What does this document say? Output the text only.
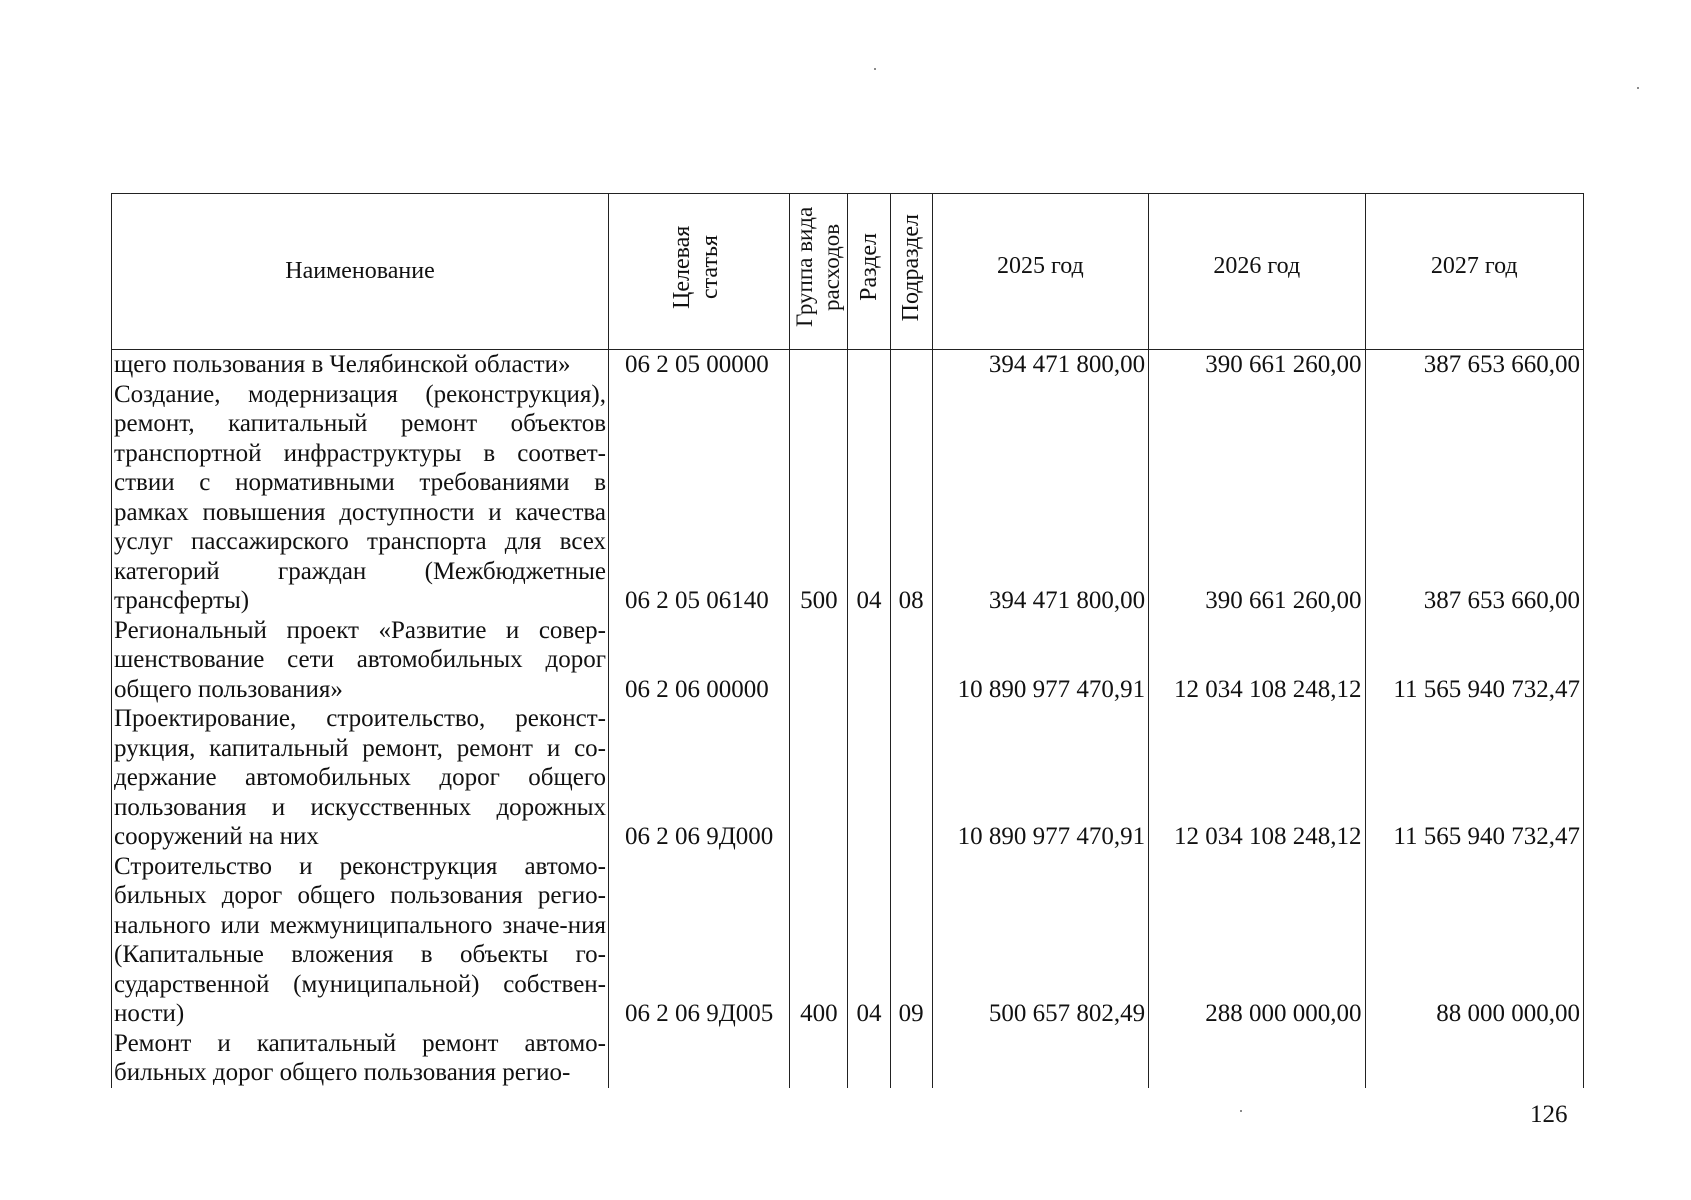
Наименование	Целевая статья	Группа вида расходов	Раздел	Подраздел	2025 год	2026 год	2027 год
щего пользования в Челябинской области»	06 2 05 00000				394 471 800,00	390 661 260,00	387 653 660,00
Создание, модернизация (реконструкция), ремонт, капитальный ремонт объектов транспортной инфраструктуры в соответ-ствии с нормативными требованиями в рамках повышения доступности и качества услуг пассажирского транспорта для всех категорий граждан (Межбюджетные трансферты)	06 2 05 06140	500	04	08	394 471 800,00	390 661 260,00	387 653 660,00
Региональный проект «Развитие и совер-шенствование сети автомобильных дорог общего пользования»	06 2 06 00000				10 890 977 470,91	12 034 108 248,12	11 565 940 732,47
Проектирование, строительство, реконст-рукция, капитальный ремонт, ремонт и со-держание автомобильных дорог общего пользования и искусственных дорожных сооружений на них	06 2 06 9Д000				10 890 977 470,91	12 034 108 248,12	11 565 940 732,47
Строительство и реконструкция автомо-бильных дорог общего пользования регио-нального или межмуниципального значе-ния (Капитальные вложения в объекты го-сударственной (муниципальной) собствен-ности)	06 2 06 9Д005	400	04	09	500 657 802,49	288 000 000,00	88 000 000,00
Ремонт и капитальный ремонт автомо-бильных дорог общего пользования регио-							
126
